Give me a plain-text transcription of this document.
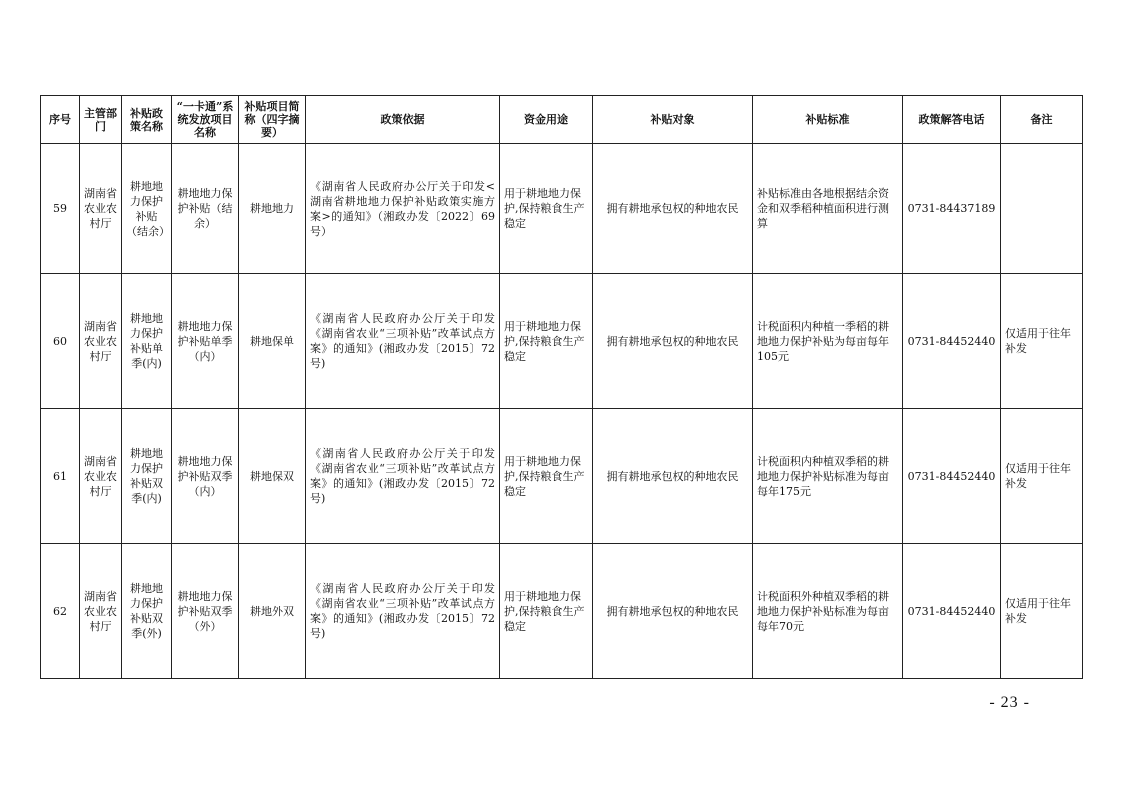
序号	主管部门	补贴政策名称	“一卡通”系统发放项目名称	补贴项目简称（四字摘要）	政策依据	资金用途	补贴对象	补贴标准	政策解答电话	备注
59	湖南省农业农村厅	耕地地力保护补贴（结余）	耕地地力保护补贴（结余）	耕地地力	《湖南省人民政府办公厅关于印发<湖南省耕地地力保护补贴政策实施方案>的通知》（湘政办发〔2022〕69号）	用于耕地地力保护,保持粮食生产稳定	拥有耕地承包权的种地农民	补贴标准由各地根据结余资金和双季稻种植面积进行测算	0731-84437189	
60	湖南省农业农村厅	耕地地力保护补贴单季(内)	耕地地力保护补贴单季（内）	耕地保单	《湖南省人民政府办公厅关于印发《湖南省农业“三项补贴”改革试点方案》的通知》(湘政办发〔2015〕72号)	用于耕地地力保护,保持粮食生产稳定	拥有耕地承包权的种地农民	计税面积内种植一季稻的耕地地力保护补贴为每亩每年105元	0731-84452440	仅适用于往年补发
61	湖南省农业农村厅	耕地地力保护补贴双季(内)	耕地地力保护补贴双季（内）	耕地保双	《湖南省人民政府办公厅关于印发《湖南省农业“三项补贴”改革试点方案》的通知》(湘政办发〔2015〕72号)	用于耕地地力保护,保持粮食生产稳定	拥有耕地承包权的种地农民	计税面积内种植双季稻的耕地地力保护补贴标准为每亩每年175元	0731-84452440	仅适用于往年补发
62	湖南省农业农村厅	耕地地力保护补贴双季(外)	耕地地力保护补贴双季（外）	耕地外双	《湖南省人民政府办公厅关于印发《湖南省农业“三项补贴”改革试点方案》的通知》(湘政办发〔2015〕72号)	用于耕地地力保护,保持粮食生产稳定	拥有耕地承包权的种地农民	计税面积外种植双季稻的耕地地力保护补贴标准为每亩每年70元	0731-84452440	仅适用于往年补发
- 23 -
